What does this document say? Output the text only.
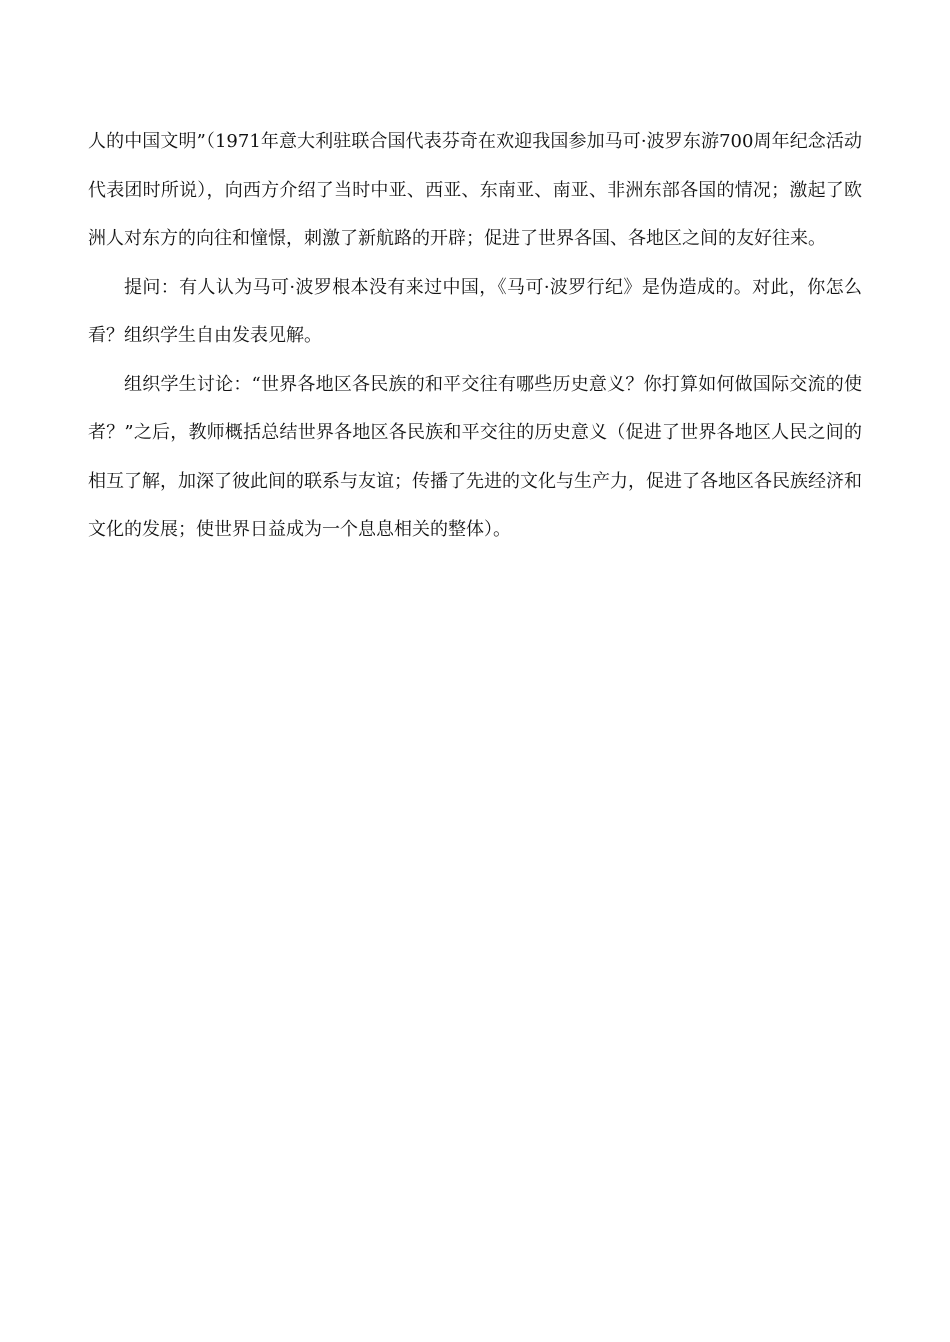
人的中国文明”（1971年意大利驻联合国代表芬奇在欢迎我国参加马可·波罗东游700周年纪念活动代表团时所说），向西方介绍了当时中亚、西亚、东南亚、南亚、非洲东部各国的情况；激起了欧洲人对东方的向往和憧憬，刺激了新航路的开辟；促进了世界各国、各地区之间的友好往来。

提问：有人认为马可·波罗根本没有来过中国，《马可·波罗行纪》是伪造成的。对此，你怎么看？组织学生自由发表见解。

组织学生讨论：“世界各地区各民族的和平交往有哪些历史意义？你打算如何做国际交流的使者？”之后，教师概括总结世界各地区各民族和平交往的历史意义（促进了世界各地区人民之间的相互了解，加深了彼此间的联系与友谊；传播了先进的文化与生产力，促进了各地区各民族经济和文化的发展；使世界日益成为一个息息相关的整体）。
